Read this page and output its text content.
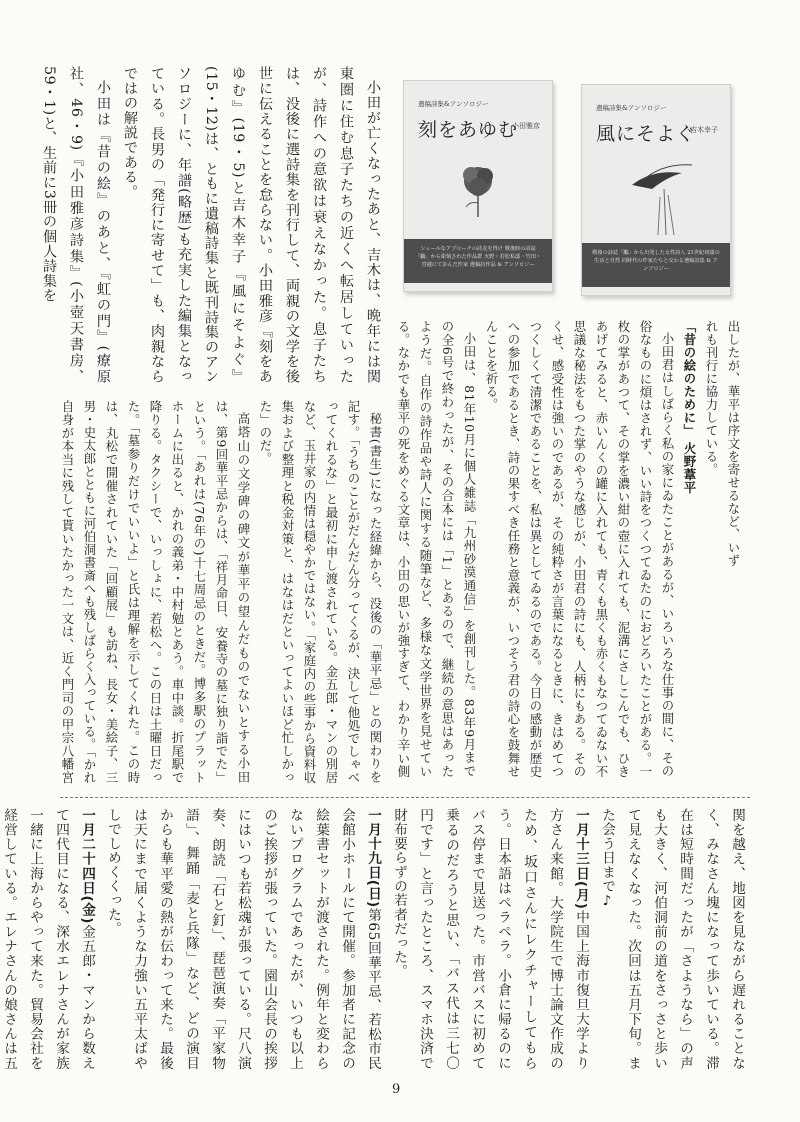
遺稿詩集&アンソロジー
刻をあゆむ
小田雅彦
シュールなアプローチの詩友を得け 戦後時の詩誌「鵬」から彫刻された作品群 火野・若松私邸・竹田・宮越にて歩んだ作家 遺稿詩作品 & アンソロジー
遺稿詩集&アンソロジー
風にそよぐ
吉木幸子
戦後の詩誌「鵬」から出発した女性詩人 21世紀初頭の生活と自然 同時代の作家たちと交わる遺稿詩集 & アンソロジー

小田が亡くなったあと、吉木は、晩年には関東圏に住む息子たちの近くへ転居していったが、詩作への意欲は衰えなかった。息子たちは、没後に選詩集を刊行して、両親の文学を後世に伝えることを怠らない。小田雅彦『刻をあゆむ』(19・5)と吉木幸子『風にそよぐ』(15・12)は、ともに遺稿詩集と既刊詩集のアンソロジーに、年譜(略歴)も充実した編集となっている。長男の「発行に寄せて」も、肉親ならではの解説である。

小田は『昔の絵』のあと、『虹の門』(療原社、46・9)『小田雅彦詩集』(小壺天書房、59・1)と、生前に3冊の個人詩集を

出したが、華平は序文を寄せるなど、いず

れも刊行に協力している。

「昔の絵のために」火野葦平

小田君はしばらく私の家にゐたことがあるが、いろいろな仕事の間に、その俗なものに煩はされず、いい詩をつくつてゐたのにおどろいたことがある。一枚の掌があつて、その掌を濃い紺の壺に入れても、泥溝にさしこんでも、ひきあげてみると、赤いんくの罐に入れても、青くも黒くも赤くもなつてゐない不思議な秘法をもつた掌のやうな感じが、小田君の詩にも、人柄にもある。そのくせ、感受性は強いのであるが、その純粋さが言葉になるときに、きはめてつつくしくて清潔であることを、私は異としてゐるのである。今日の感動が歴史への参加であるとき、詩の果すべき任務と意義が、いつそう君の詩心を鼓舞せんことを祈る。

小田は、81年10月に個人雑誌「九州砂漠通信」を創刊した。83年9月までの全6号で終わったが、その合本には「1」とあるので、継続の意思はあったようだ。自作の詩作品や詩人に関する随筆など、多様な文学世界を見せている。なかでも華平の死をめぐる文章は、小田の思いが強すぎて、わかり辛い側

関を越え、地図を見ながら遅れることなく、みなさん塊になって歩いている。滞在は短時間だったが「さようなら」の声も大きく、河伯洞前の道をさっさと歩いて見えなくなった。次回は五月下旬。また会う日まで♪

一月十三日(月)中国上海市復旦大学より方さん来館。大学院生で博士論文作成のため、坂口さんにレクチャーしてもらう。日本語はペラペラ。小倉に帰るのにバス停まで見送った。市営バスに初めて乗るのだろうと思い、「バス代は三七〇円です」と言ったところ、スマホ決済で財布要らずの若者だった。

一月十九日(日)第65回華平忌、若松市民会館小ホールにて開催。参加者に記念の絵葉書セットが渡された。例年と変わらないプログラムであったが、いつも以上のご挨拶が張っていた。園山会長の挨拶にはいつも若松魂が張っている。尺八演奏、朗読「石と釘」、琵琶演奏「平家物語」、舞踊「麦と兵隊」など、どの演目からも華平愛の熱が伝わって来た。最後は天にまで届くような力強い五平太ばやしでしめくくった。

一月二十四日(金)金五郎・マンから数えて四代目になる、深水エレナさんが家族一緒に上海からやって来た。貿易会社を経営している。エレナさんの娘さんは五

9

秘書(書生)になった経緯から、没後の「華平忌」との関わりを記す。「うちのことがだんだん分ってくるが、決して他処でしゃべってくれるな」と最初に申し渡されている。金五郎・マンの別居など、玉井家の内情は穏やかではない。「家庭内の些事から資料収集および整理と税金対策と、はなはだといってよいほど忙しかった」のだ。

高塔山の文学碑の碑文が華平の望んだものでないとする小田は、第9回華平忌からは、「祥月命日、安養寺の墓に独り詣でた」という。「あれは(76年の)十七周忌のときだ。博多駅のプラットホームに出ると、かれの義弟・中村勉とあう。車中談。折尾駅で降りる。タクシーで、いっしょに、若松へ。この日は土曜日だった。「墓参りだけでいいよ」と氏は理解を示してくれた。この時は、丸松で開催されていた「回顧展」も訪ね、長女・美絵子、三男・史太郎とともに河伯洞書斎へも残しばらく入っている。「かれ自身が本当に残して貰いたかった一文は、近く門司の甲宗八幡宮
